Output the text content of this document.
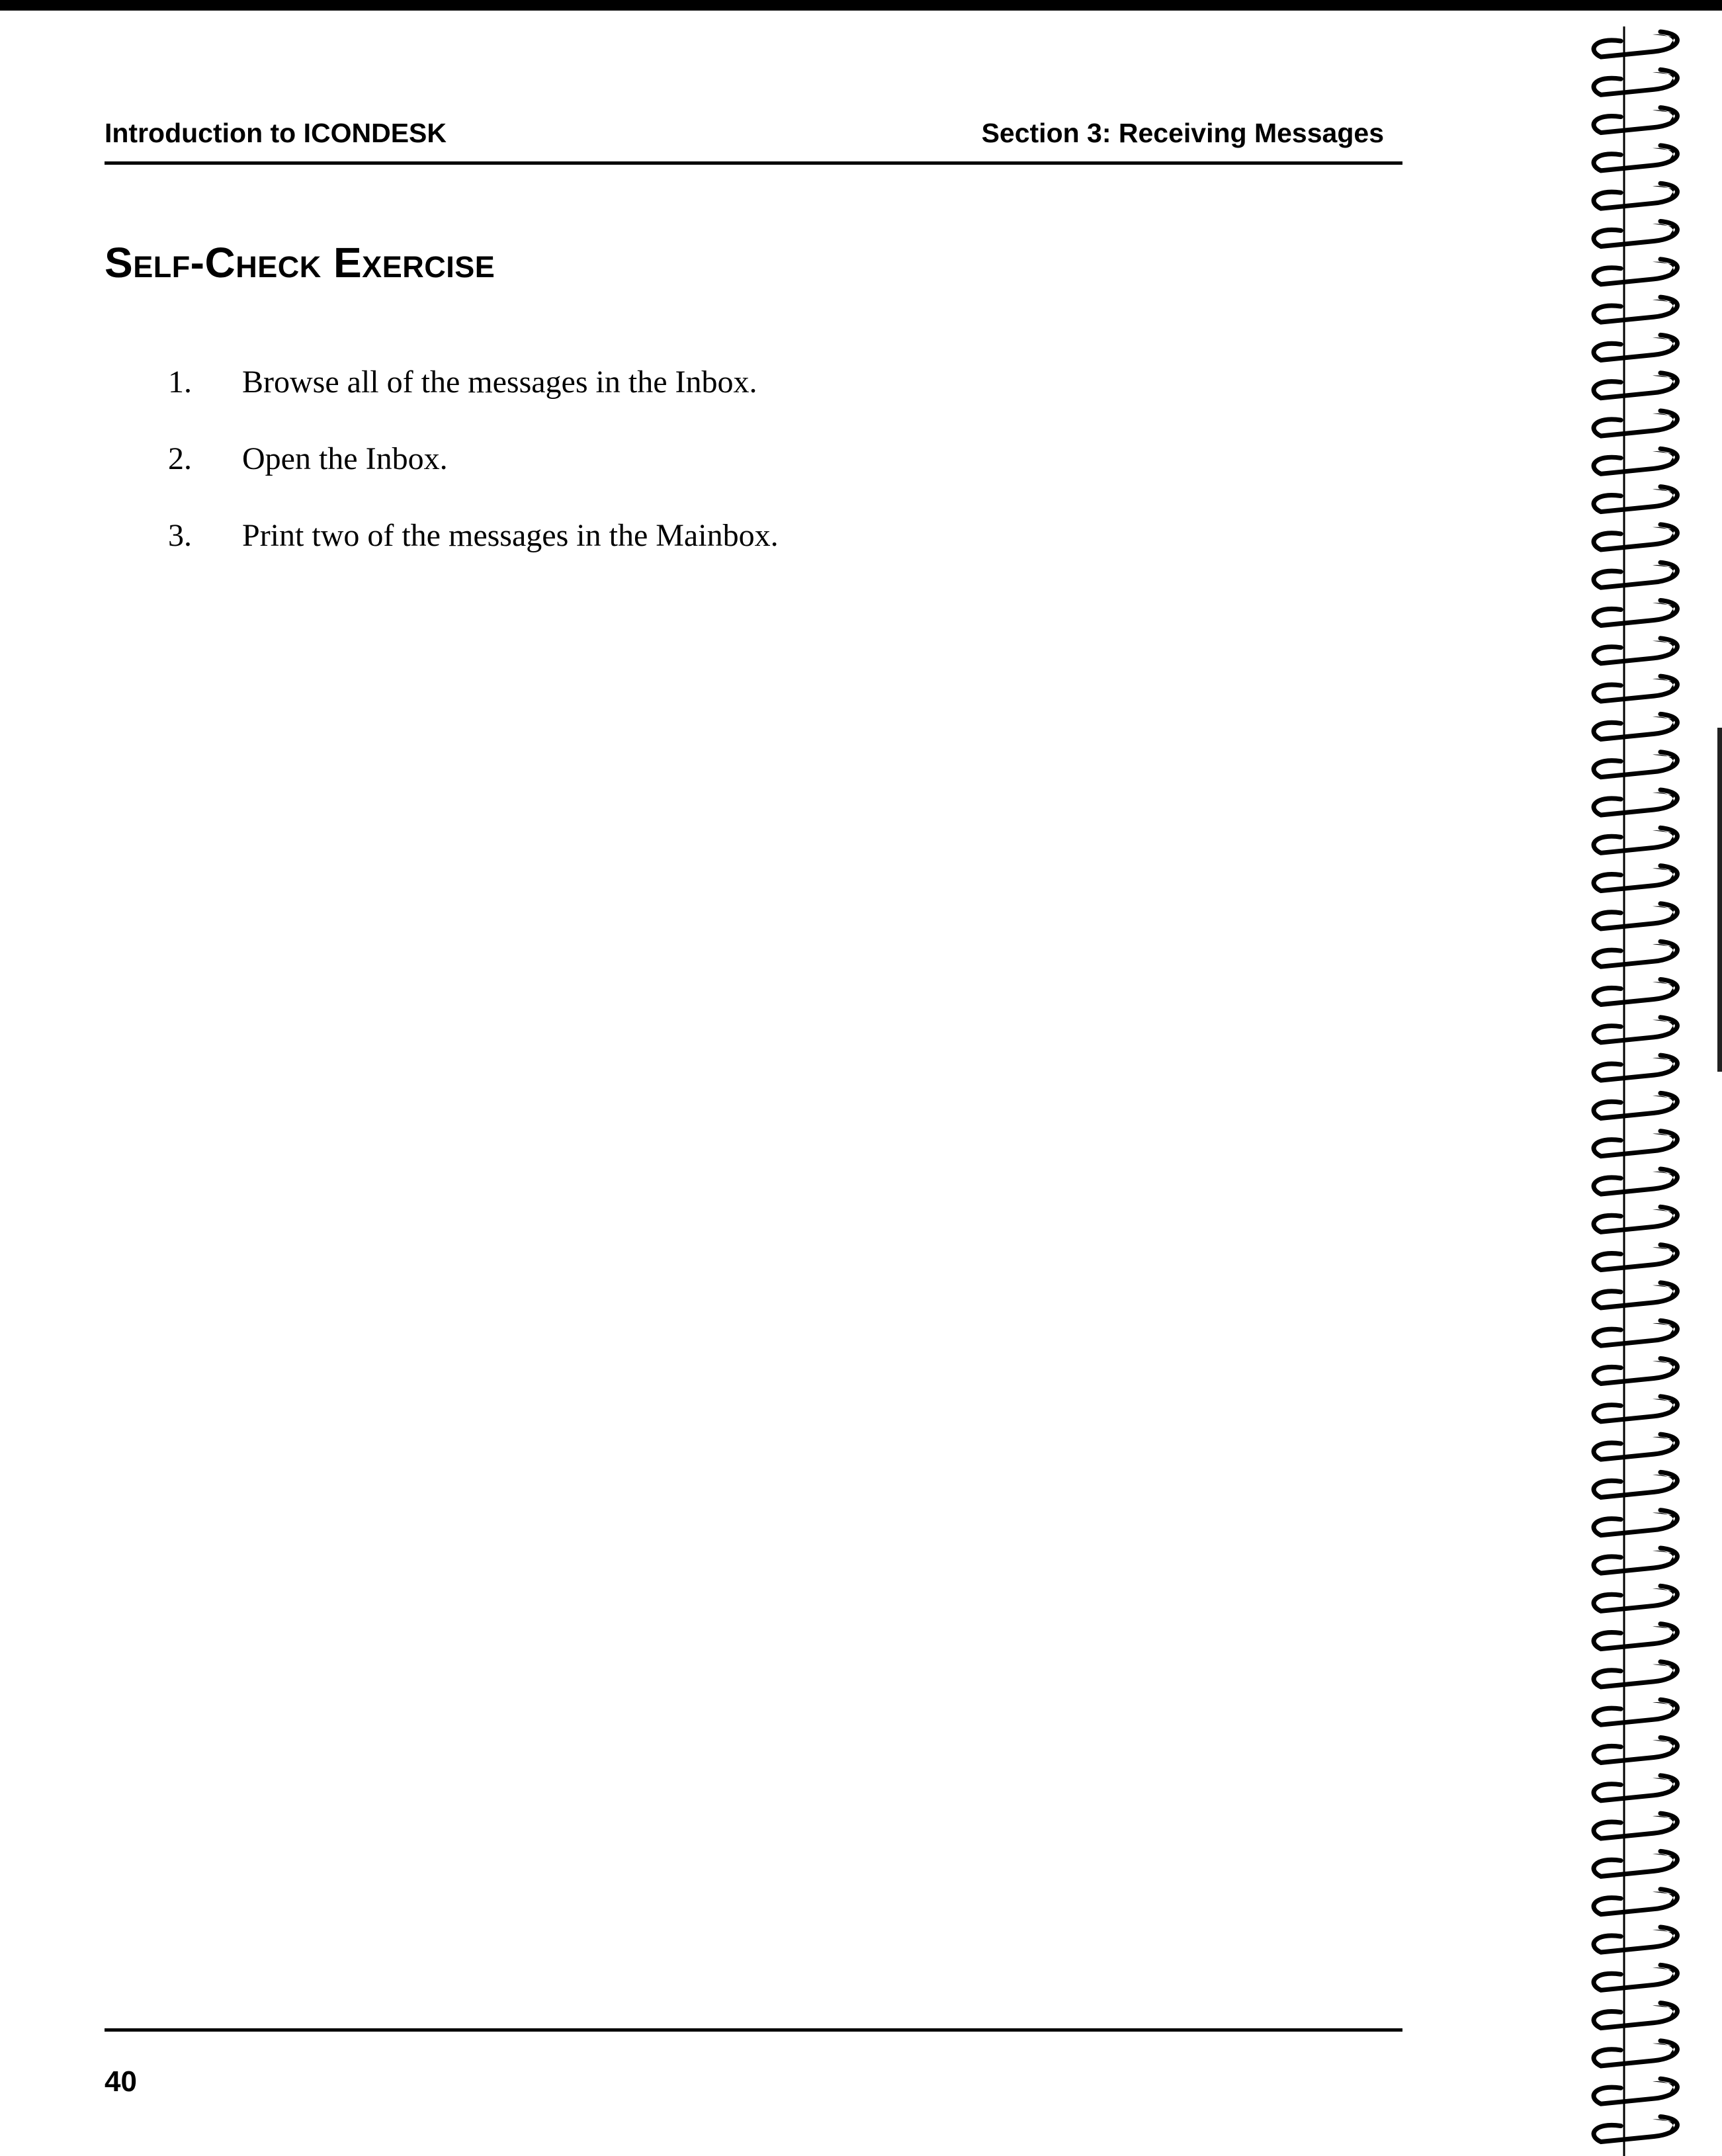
Introduction to ICONDESK	Section 3: Receiving Messages
Self-Check Exercise
1. Browse all of the messages in the Inbox.
2. Open the Inbox.
3. Print two of the messages in the Mainbox.
40
